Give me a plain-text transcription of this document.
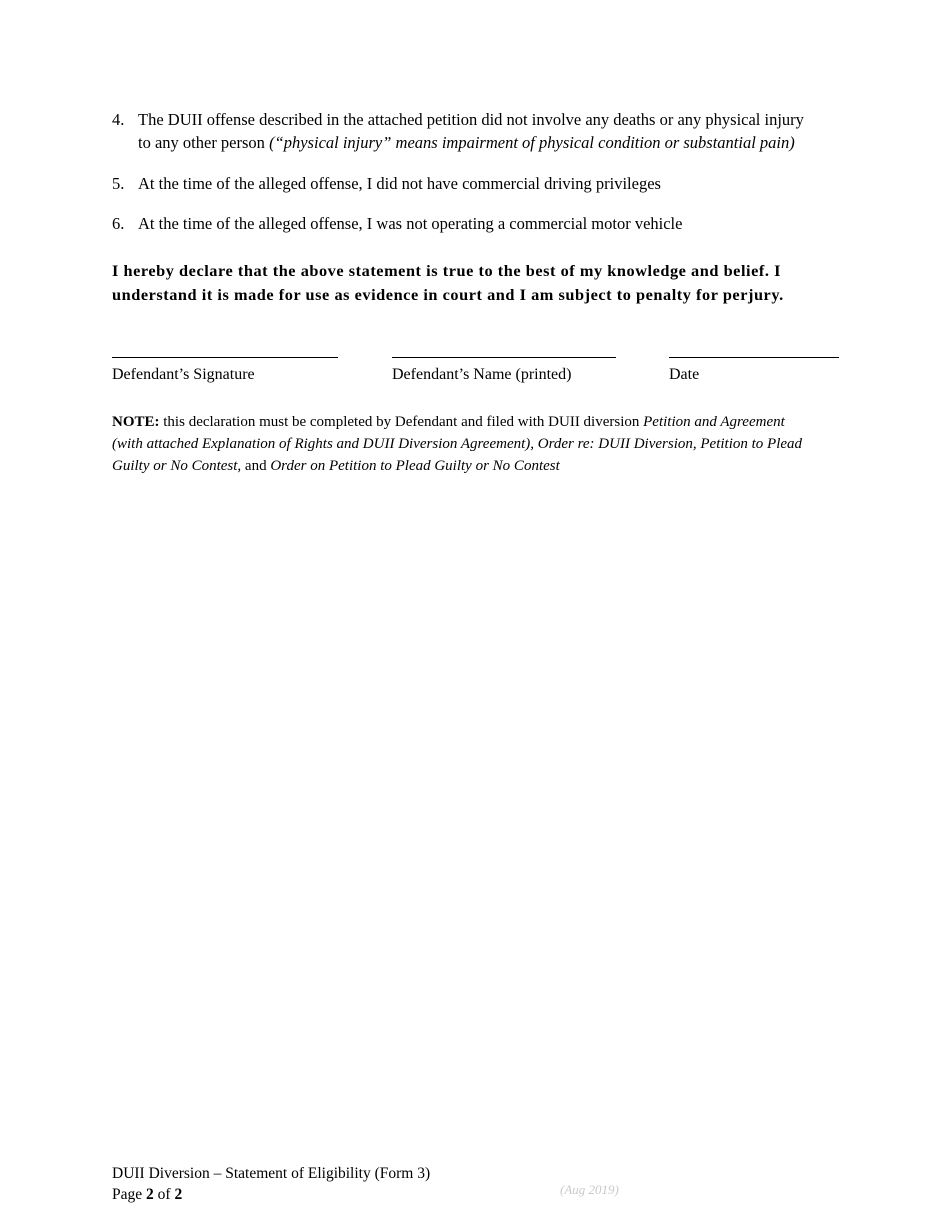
4. The DUII offense described in the attached petition did not involve any deaths or any physical injury to any other person (“physical injury” means impairment of physical condition or substantial pain)
5. At the time of the alleged offense, I did not have commercial driving privileges
6. At the time of the alleged offense, I was not operating a commercial motor vehicle
I hereby declare that the above statement is true to the best of my knowledge and belief. I understand it is made for use as evidence in court and I am subject to penalty for perjury.
Defendant’s Signature	Defendant’s Name (printed)	Date
NOTE: this declaration must be completed by Defendant and filed with DUII diversion Petition and Agreement (with attached Explanation of Rights and DUII Diversion Agreement), Order re: DUII Diversion, Petition to Plead Guilty or No Contest, and Order on Petition to Plead Guilty or No Contest
DUII Diversion – Statement of Eligibility (Form 3)
Page 2 of 2	(Aug 2019)
